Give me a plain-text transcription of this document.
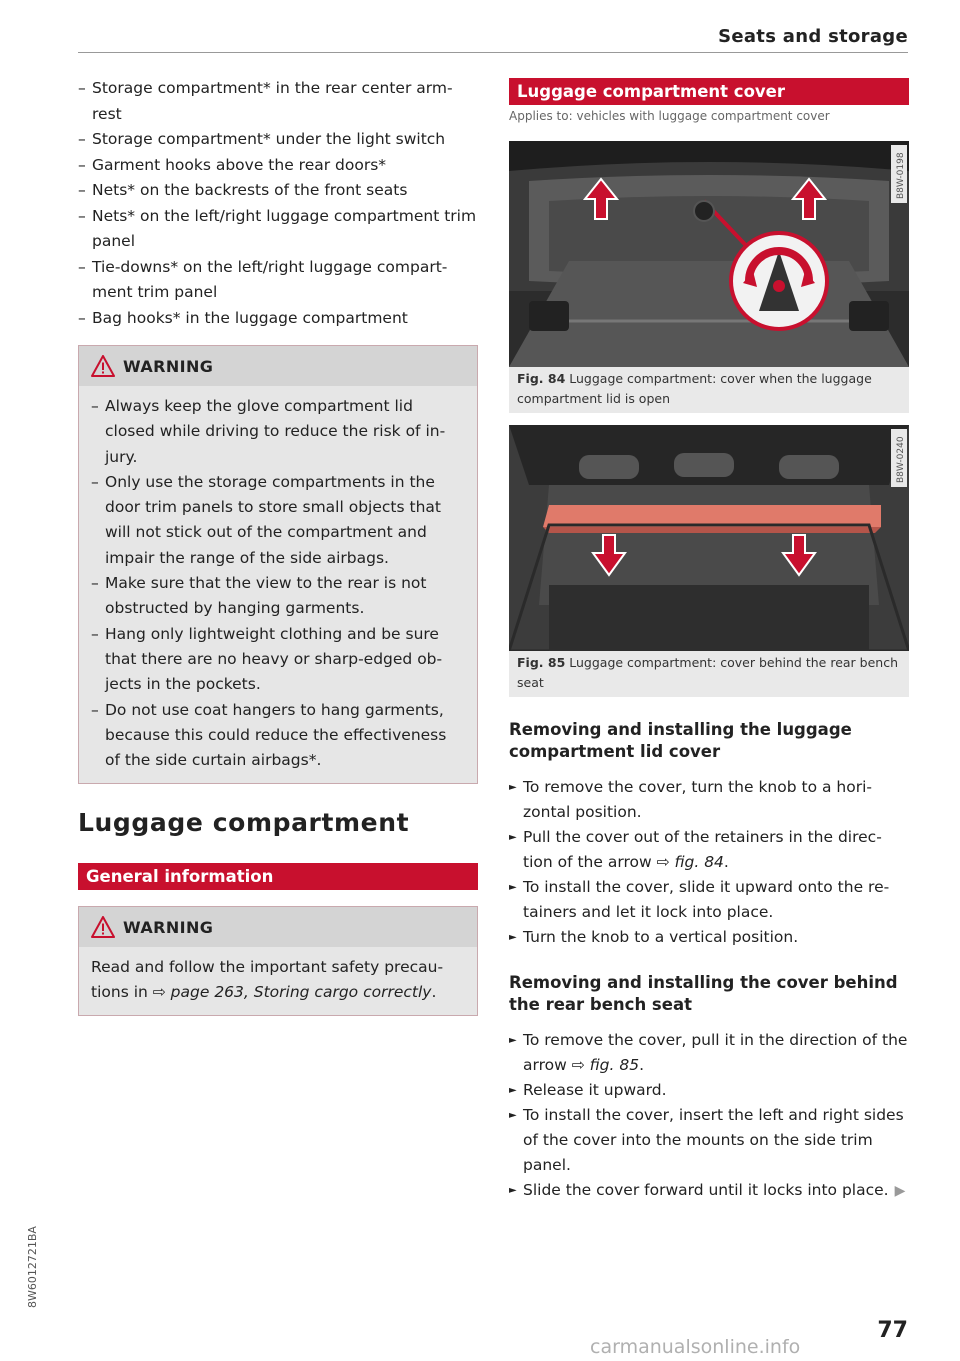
Seats and storage
– Storage compartment* in the rear center arm-rest
– Storage compartment* under the light switch
– Garment hooks above the rear doors*
– Nets* on the backrests of the front seats
– Nets* on the left/right luggage compartment trim panel
– Tie-downs* on the left/right luggage compart-ment trim panel
– Bag hooks* in the luggage compartment
WARNING
– Always keep the glove compartment lid closed while driving to reduce the risk of in-jury.
– Only use the storage compartments in the door trim panels to store small objects that will not stick out of the compartment and impair the range of the side airbags.
– Make sure that the view to the rear is not obstructed by hanging garments.
– Hang only lightweight clothing and be sure that there are no heavy or sharp-edged ob-jects in the pockets.
– Do not use coat hangers to hang garments, because this could reduce the effectiveness of the side curtain airbags*.
Luggage compartment
General information
WARNING

Read and follow the important safety precau-tions in ⇨ page 263, Storing cargo correctly.

Luggage compartment cover
Applies to: vehicles with luggage compartment cover
B8W-0198
Fig. 84 Luggage compartment: cover when the luggage compartment lid is open
B8W-0240
Fig. 85 Luggage compartment: cover behind the rear bench seat
Removing and installing the luggage compartment lid cover
► To remove the cover, turn the knob to a hori-zontal position.
► Pull the cover out of the retainers in the direc-tion of the arrow ⇨ fig. 84.
► To install the cover, slide it upward onto the re-tainers and let it lock into place.
► Turn the knob to a vertical position.
Removing and installing the cover behind the rear bench seat
► To remove the cover, pull it in the direction of the arrow ⇨ fig. 85.
► Release it upward.
► To install the cover, insert the left and right sides of the cover into the mounts on the side trim panel.
► Slide the cover forward until it locks into place. ▶
8W6012721BA
77
carmanualsonline.info
